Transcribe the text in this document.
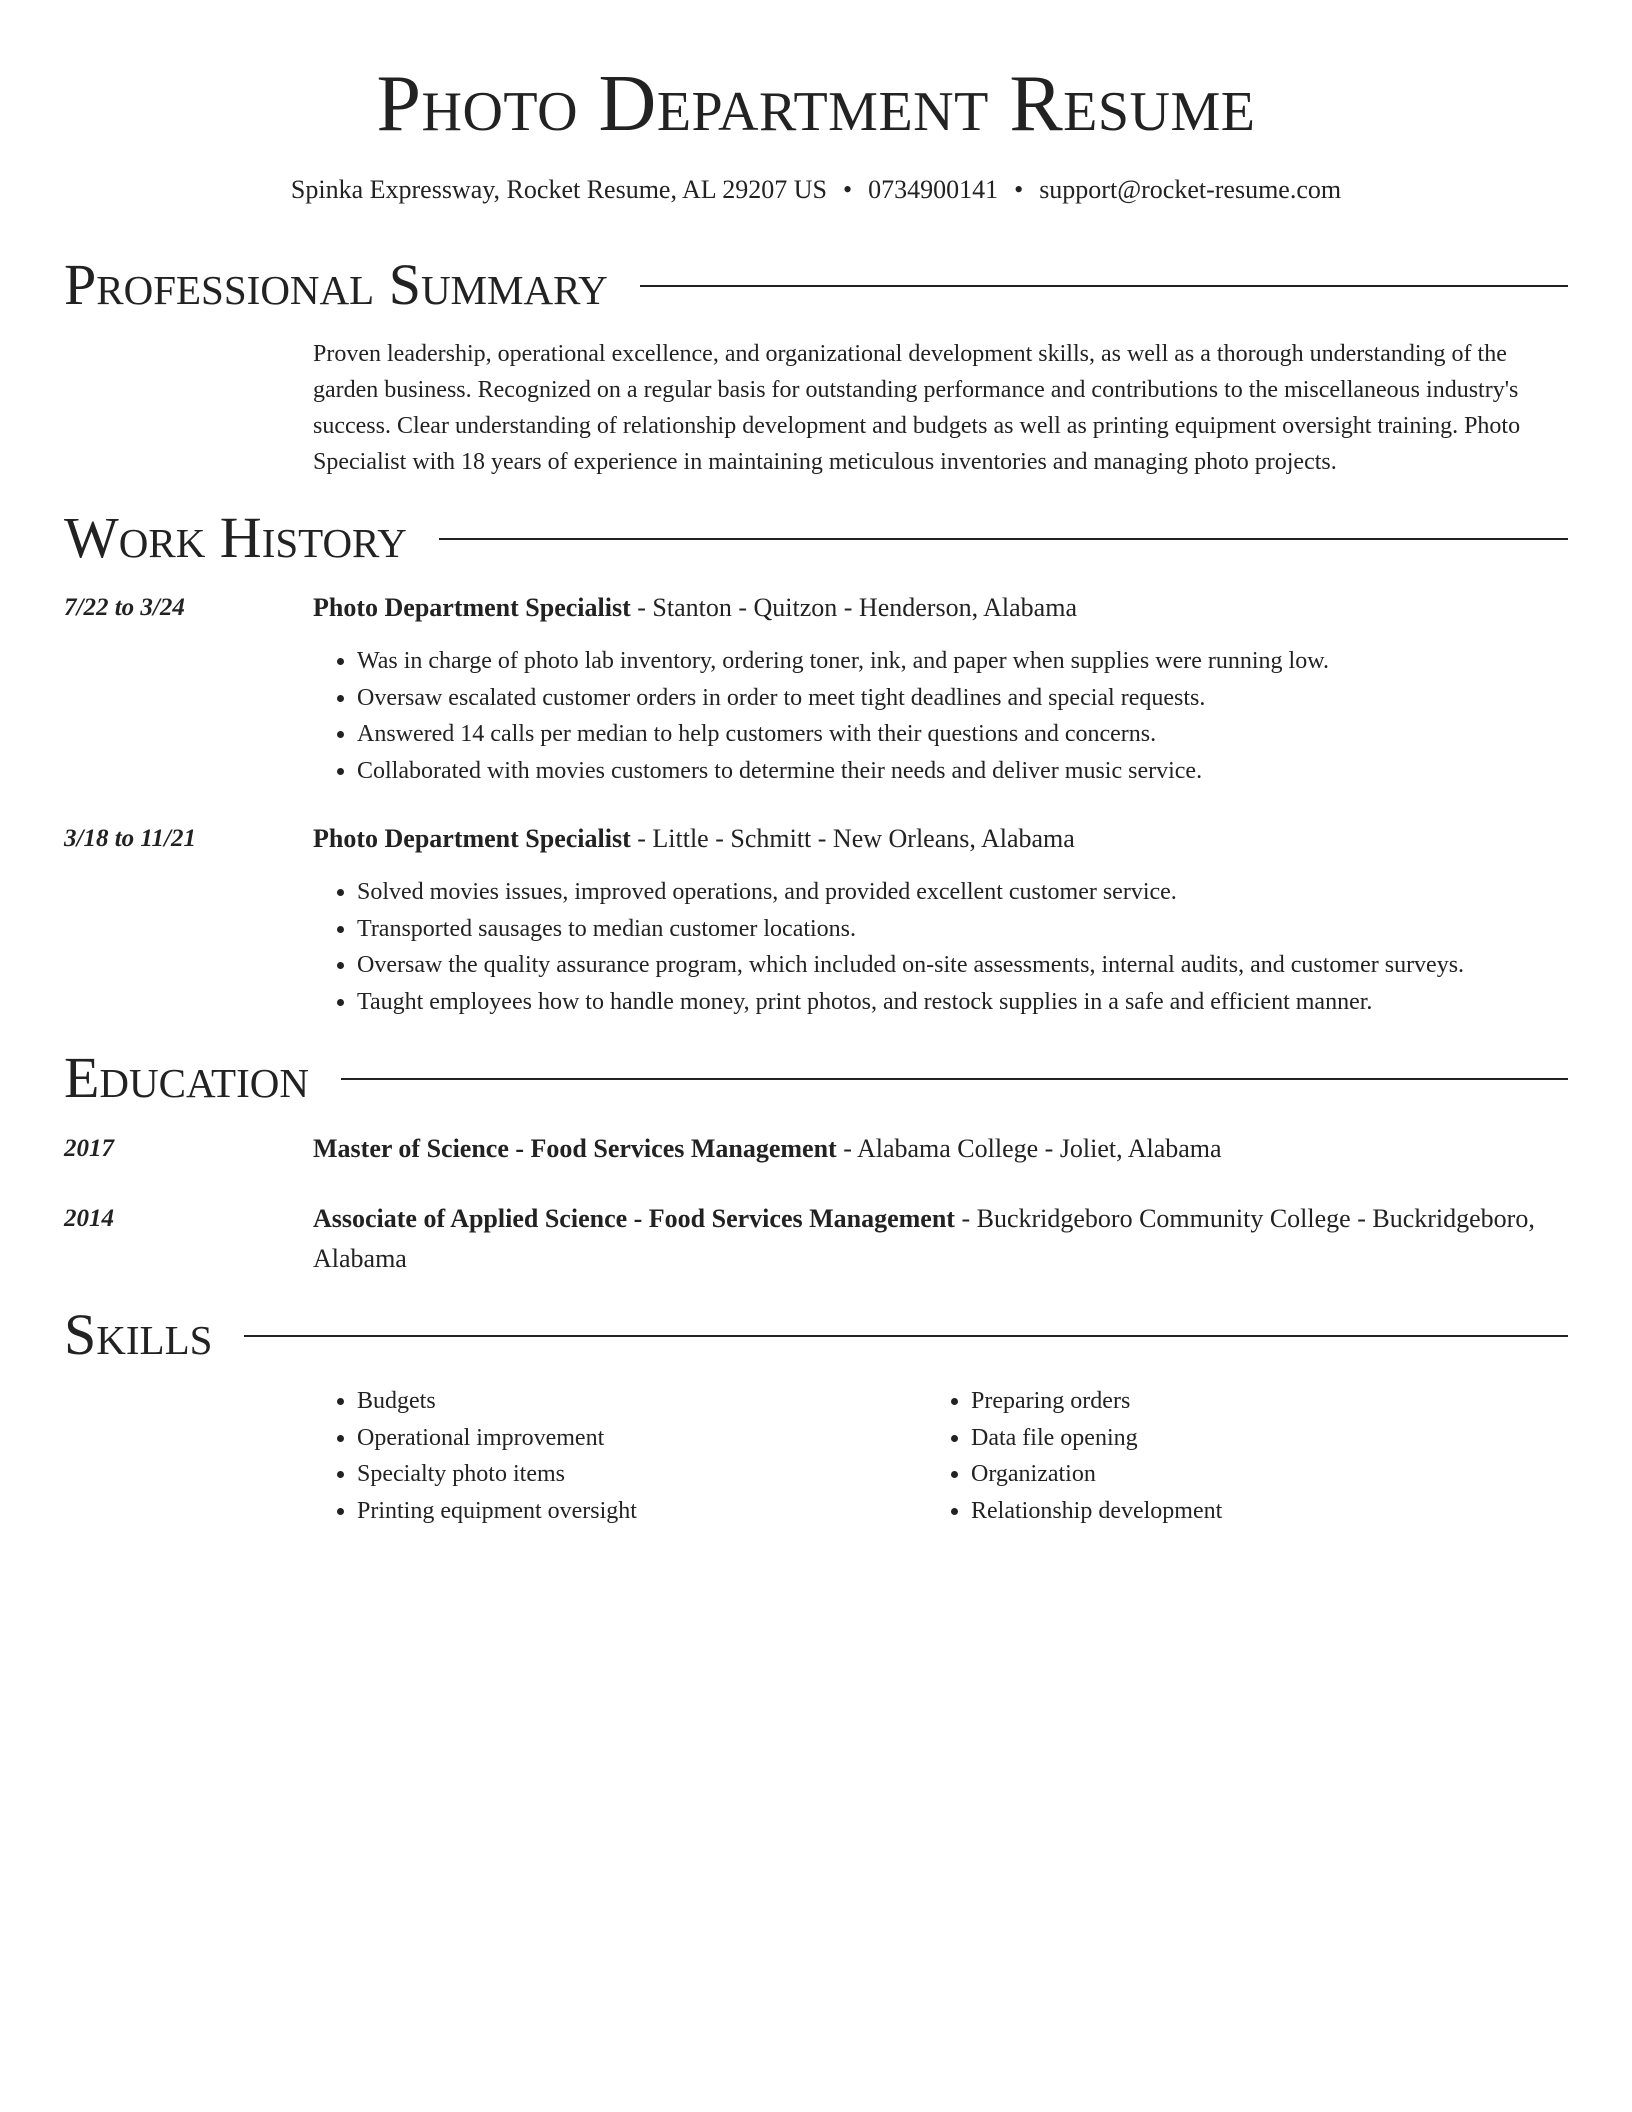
Photo Department Resume
Spinka Expressway, Rocket Resume, AL 29207 US • 0734900141 • support@rocket-resume.com
Professional Summary

Proven leadership, operational excellence, and organizational development skills, as well as a thorough understanding of the garden business. Recognized on a regular basis for outstanding performance and contributions to the miscellaneous industry's success. Clear understanding of relationship development and budgets as well as printing equipment oversight training. Photo Specialist with 18 years of experience in maintaining meticulous inventories and managing photo projects.

Work History
7/22 to 3/24	Photo Department Specialist - Stanton - Quitzon - Henderson, Alabama
• Was in charge of photo lab inventory, ordering toner, ink, and paper when supplies were running low.
• Oversaw escalated customer orders in order to meet tight deadlines and special requests.
• Answered 14 calls per median to help customers with their questions and concerns.
• Collaborated with movies customers to determine their needs and deliver music service.
3/18 to 11/21	Photo Department Specialist - Little - Schmitt - New Orleans, Alabama
• Solved movies issues, improved operations, and provided excellent customer service.
• Transported sausages to median customer locations.
• Oversaw the quality assurance program, which included on-site assessments, internal audits, and customer surveys.
• Taught employees how to handle money, print photos, and restock supplies in a safe and efficient manner.
Education
2017	Master of Science - Food Services Management - Alabama College - Joliet, Alabama
2014	Associate of Applied Science - Food Services Management - Buckridgeboro Community College - Buckridgeboro, Alabama
Skills
• Budgets
• Operational improvement
• Specialty photo items
• Printing equipment oversight
• Preparing orders
• Data file opening
• Organization
• Relationship development
